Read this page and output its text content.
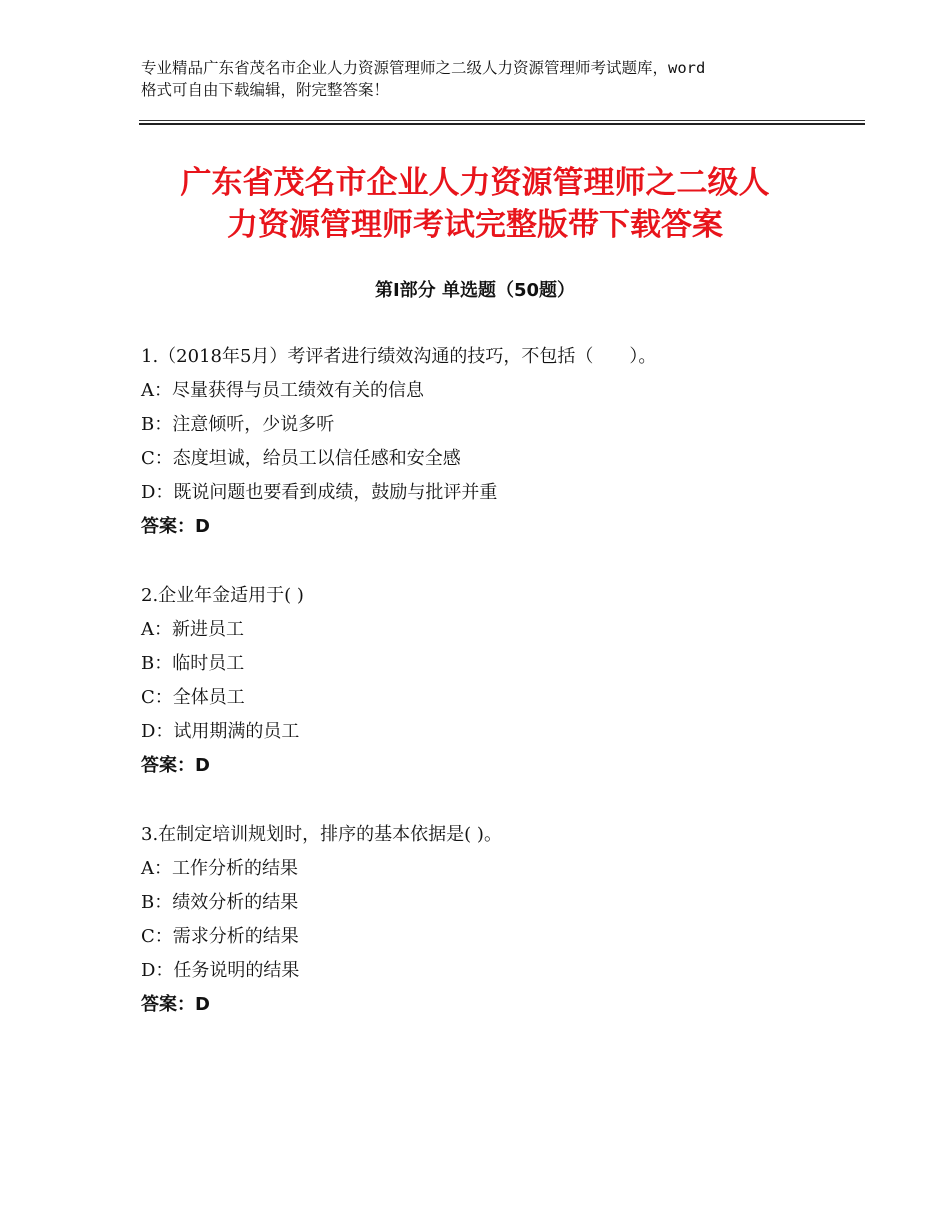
专业精品广东省茂名市企业人力资源管理师之二级人力资源管理师考试题库，word
格式可自由下载编辑，附完整答案！
广东省茂名市企业人力资源管理师之二级人
力资源管理师考试完整版带下载答案
第Ⅰ部分 单选题（50题）
1.（2018年5月）考评者进行绩效沟通的技巧，不包括（　　）。
A：尽量获得与员工绩效有关的信息
B：注意倾听，少说多听
C：态度坦诚，给员工以信任感和安全感
D：既说问题也要看到成绩，鼓励与批评并重
答案：D
2.企业年金适用于( )
A：新进员工
B：临时员工
C：全体员工
D：试用期满的员工
答案：D
3.在制定培训规划时，排序的基本依据是( )。
A：工作分析的结果
B：绩效分析的结果
C：需求分析的结果
D：任务说明的结果
答案：D
